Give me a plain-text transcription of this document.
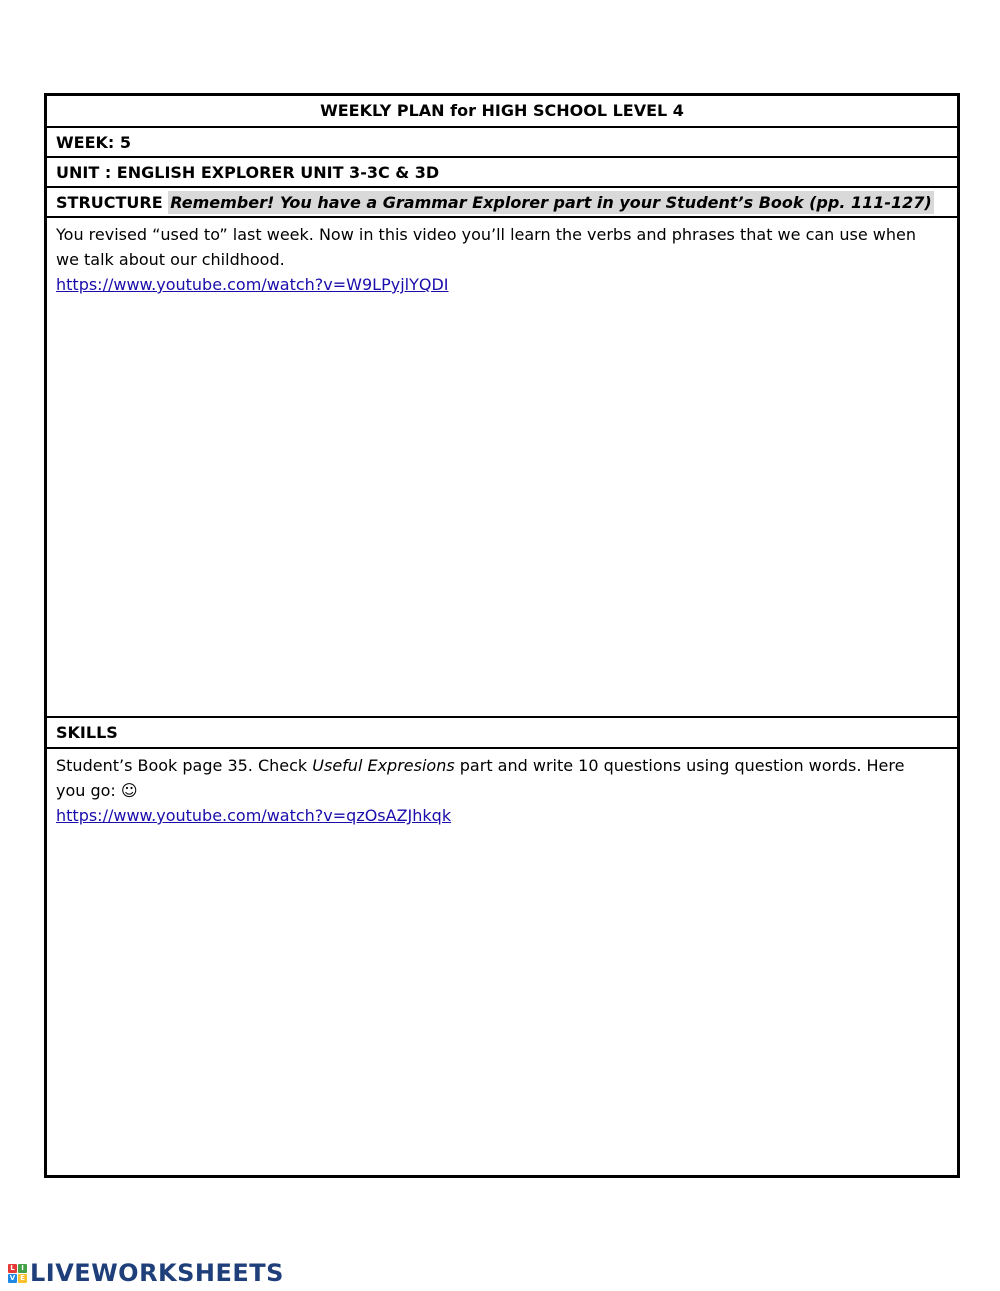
WEEKLY PLAN for HIGH SCHOOL LEVEL 4
WEEK: 5
UNIT : ENGLISH EXPLORER UNIT 3-3C & 3D
STRUCTURE Remember! You have a Grammar Explorer part in your Student’s Book (pp. 111-127)
You revised “used to” last week. Now in this video you’ll learn the verbs and phrases that we can use when
we talk about our childhood.
https://www.youtube.com/watch?v=W9LPyjlYQDI
SKILLS
Student’s Book page 35. Check Useful Expresions part and write 10 questions using question words. Here
you go: ☺
https://www.youtube.com/watch?v=qzOsAZJhkqk
L I
V E LIVEWORKSHEETS
